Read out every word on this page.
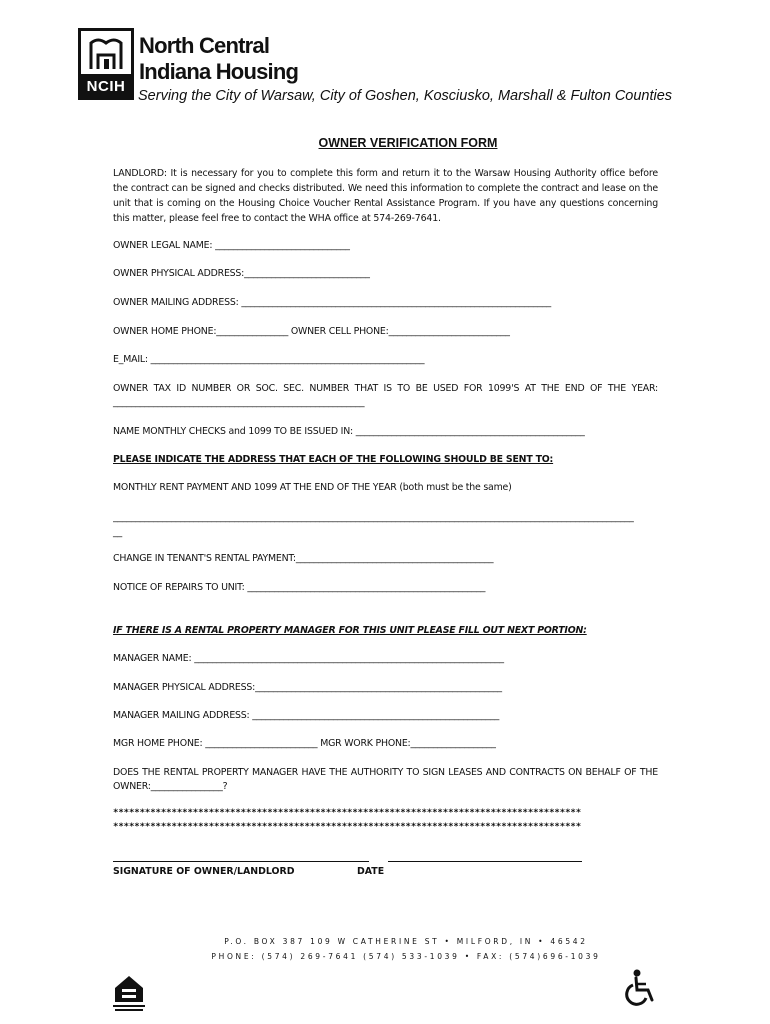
NCIH
North Central
Indiana Housing
Serving the City of Warsaw, City of Goshen, Kosciusko, Marshall & Fulton Counties
OWNER VERIFICATION FORM
LANDLORD: It is necessary for you to complete this form and return it to the Warsaw Housing Authority office before the contract can be signed and checks distributed. We need this information to complete the contract and lease on the unit that is coming on the Housing Choice Voucher Rental Assistance Program. If you have any questions concerning this matter, please feel free to contact the WHA office at 574-269-7641.
OWNER LEGAL NAME: ______________________________
OWNER PHYSICAL ADDRESS:____________________________
OWNER MAILING ADDRESS: _____________________________________________________________________
OWNER HOME PHONE:________________ OWNER CELL PHONE:___________________________
E_MAIL: _____________________________________________________________
OWNER TAX ID NUMBER OR SOC. SEC. NUMBER THAT IS TO BE USED FOR 1099'S AT THE END OF THE YEAR:
________________________________________________________
NAME MONTHLY CHECKS and 1099 TO BE ISSUED IN: ___________________________________________________
PLEASE INDICATE THE ADDRESS THAT EACH OF THE FOLLOWING SHOULD BE SENT TO:
MONTHLY RENT PAYMENT AND 1099 AT THE END OF THE YEAR (both must be the same)
____________________________________________________________________________________________________________________
__
CHANGE IN TENANT'S RENTAL PAYMENT:____________________________________________
NOTICE OF REPAIRS TO UNIT: _____________________________________________________
IF THERE IS A RENTAL PROPERTY MANAGER FOR THIS UNIT PLEASE FILL OUT NEXT PORTION:
MANAGER NAME: _____________________________________________________________________
MANAGER PHYSICAL ADDRESS:_______________________________________________________
MANAGER MAILING ADDRESS: _______________________________________________________
MGR HOME PHONE: _________________________ MGR WORK PHONE:___________________
DOES THE RENTAL PROPERTY MANAGER HAVE THE AUTHORITY TO SIGN LEASES AND CONTRACTS ON BEHALF OF THE
OWNER:________________?
****************************************************************************************
****************************************************************************************
SIGNATURE OF OWNER/LANDLORD	DATE
P.O. BOX 387 109 W CATHERINE ST • MILFORD, IN • 46542
PHONE: (574) 269-7641 (574) 533-1039 • FAX: (574)696-1039
